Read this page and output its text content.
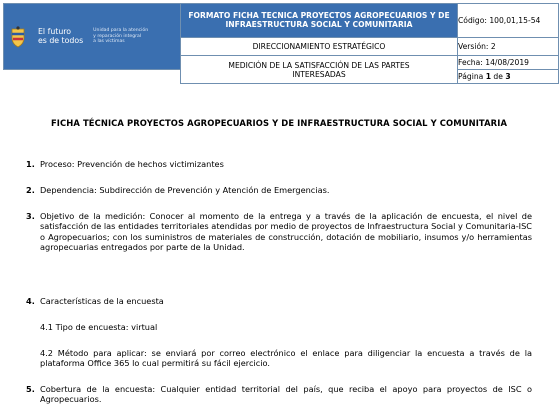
El futuro
es de todos
Unidad para la atención
y reparación integral
a las víctimas	FORMATO FICHA TECNICA PROYECTOS AGROPECUARIOS Y DE INFRAESTRUCTURA SOCIAL Y COMUNITARIA	Código: 100,01,15-54
	DIRECCIONAMIENTO ESTRATÉGICO	Versión: 2
	MEDICIÓN DE LA SATISFACCIÓN DE LAS PARTES INTERESADAS	Fecha: 14/08/2019
		Página 1 de 3
FICHA TÉCNICA PROYECTOS AGROPECUARIOS Y DE INFRAESTRUCTURA SOCIAL Y COMUNITARIA
1. Proceso: Prevención de hechos victimizantes
2. Dependencia: Subdirección de Prevención y Atención de Emergencias.
3. Objetivo de la medición: Conocer al momento de la entrega y a través de la aplicación de encuesta, el nivel de satisfacción de las entidades territoriales atendidas por medio de proyectos de Infraestructura Social y Comunitaria-ISC o Agropecuarios; con los suministros de materiales de construcción, dotación de mobiliario, insumos y/o herramientas agropecuarias entregados por parte de la Unidad.
4. Características de la encuesta
4.1 Tipo de encuesta: virtual
4.2 Método para aplicar: se enviará por correo electrónico el enlace para diligenciar la encuesta a través de la plataforma Office 365 lo cual permitirá su fácil ejercicio.
5. Cobertura de la encuesta: Cualquier entidad territorial del país, que reciba el apoyo para proyectos de ISC o Agropecuarios.
